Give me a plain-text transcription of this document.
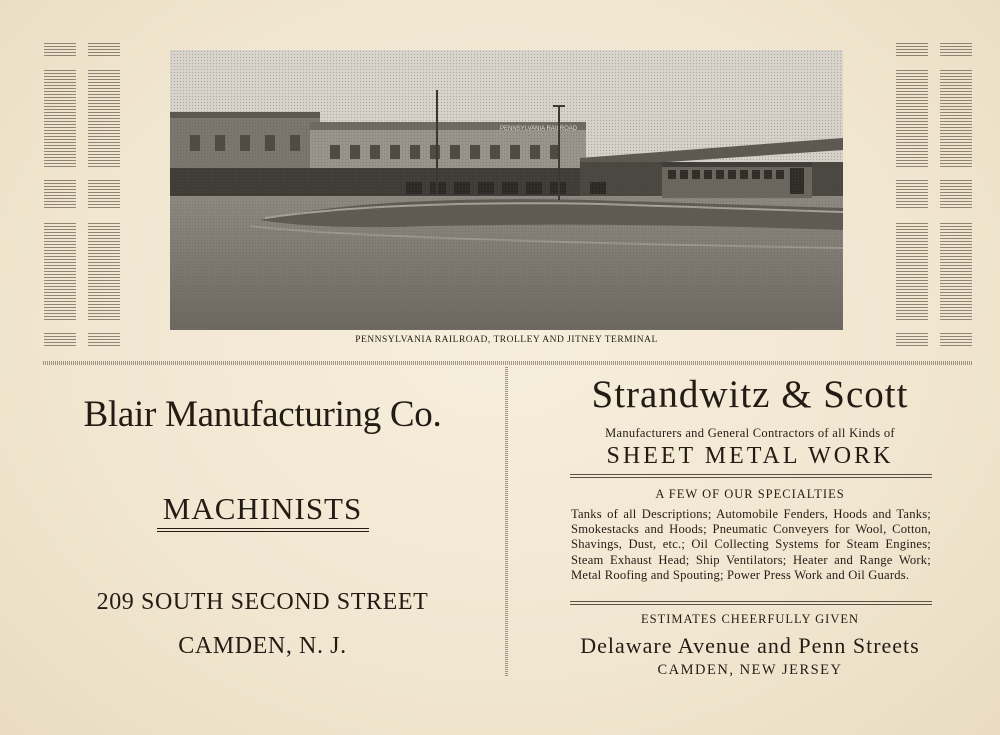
PENNSYLVANIA RAILROAD, TROLLEY AND JITNEY TERMINAL
Blair Manufacturing Co.
MACHINISTS
209 SOUTH SECOND STREET
CAMDEN, N. J.
Strandwitz & Scott
Manufacturers and General Contractors of all Kinds of
SHEET METAL WORK
A FEW OF OUR SPECIALTIES
Tanks of all Descriptions; Automobile Fenders, Hoods and Tanks; Smokestacks and Hoods; Pneumatic Conveyers for Wool, Cotton, Shavings, Dust, etc.; Oil Collecting Systems for Steam Engines; Steam Exhaust Head; Ship Ventilators; Heater and Range Work; Metal Roofing and Spouting; Power Press Work and Oil Guards.
ESTIMATES CHEERFULLY GIVEN
Delaware Avenue and Penn Streets
CAMDEN, NEW JERSEY
